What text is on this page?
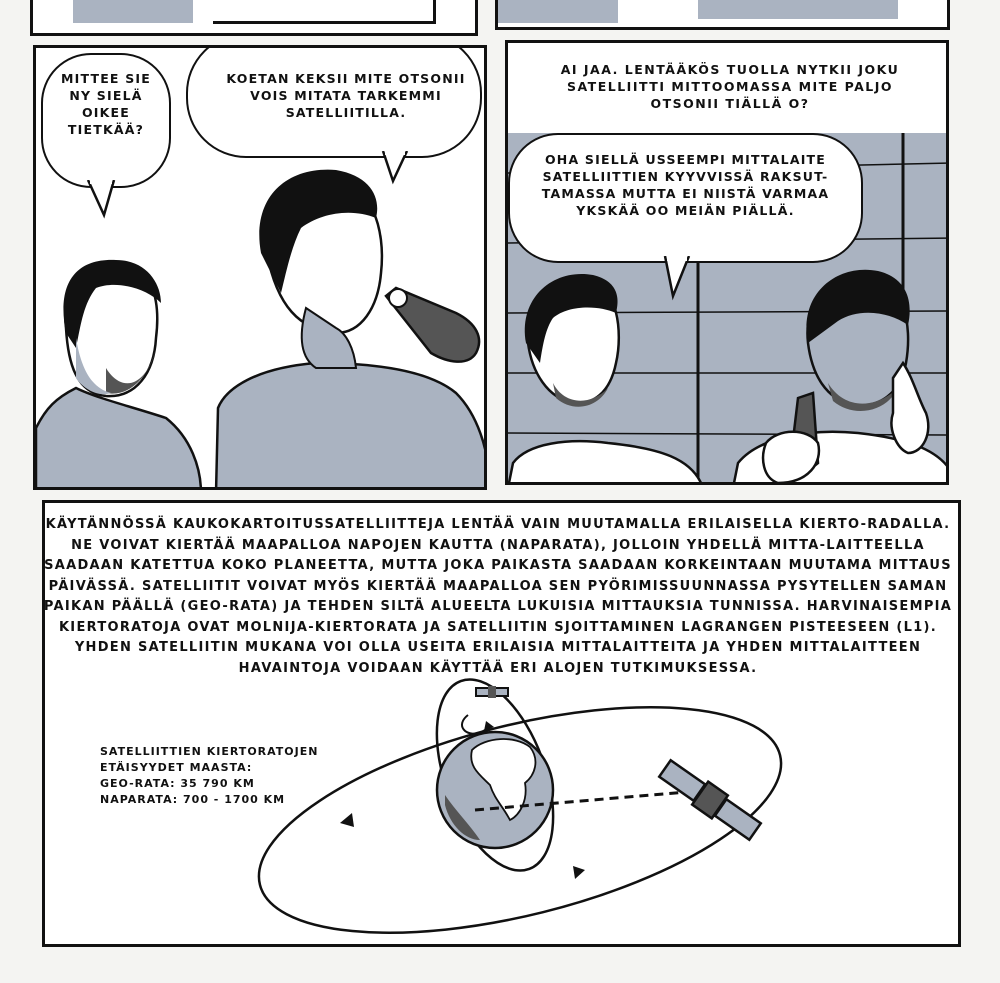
MITTEE SIE NY SIELÄ OIKEE TIETKÄÄ?
KOETAN KEKSII MITE OTSONII VOIS MITATA TARKEMMI SATELLIITILLA.
AI JAA. LENTÄÄKÖS TUOLLA NYTKII JOKU SATELLIITTI MITTOOMASSA MITE PALJO OTSONII TIÄLLÄ O?
OHA SIELLÄ USSEEMPI MITTALAITE SATELLIITTIEN KYYVVISSÄ RAKSUT-TAMASSA MUTTA EI NIISTÄ VARMAA YKSKÄÄ OO MEIÄN PIÄLLÄ.
KÄYTÄNNÖSSÄ KAUKOKARTOITUSSATELLIITTEJA LENTÄÄ VAIN MUUTAMALLA ERILAISELLA KIERTO-RADALLA. NE VOIVAT KIERTÄÄ MAAPALLOA NAPOJEN KAUTTA (NAPARATA), JOLLOIN YHDELLÄ MITTA-LAITTEELLA SAADAAN KATETTUA KOKO PLANEETTA, MUTTA JOKA PAIKASTA SAADAAN KORKEINTAAN MUUTAMA MITTAUS PÄIVÄSSÄ. SATELLIITIT VOIVAT MYÖS KIERTÄÄ MAAPALLOA SEN PYÖRIMISSUUNNASSA PYSYTELLEN SAMAN PAIKAN PÄÄLLÄ (GEO-RATA) JA TEHDEN SILTÄ ALUEELTA LUKUISIA MITTAUKSIA TUNNISSA. HARVINAISEMPIA KIERTORATOJA OVAT MOLNIJA-KIERTORATA JA SATELLIITIN SJOITTAMINEN LAGRANGEN PISTEESEEN (L1). YHDEN SATELLIITIN MUKANA VOI OLLA USEITA ERILAISIA MITTALAITTEITA JA YHDEN MITTALAITTEEN HAVAINTOJA VOIDAAN KÄYTTÄÄ ERI ALOJEN TUTKIMUKSESSA.
SATELLIITTIEN KIERTORATOJEN
ETÄISYYDET MAASTA:
GEO-RATA: 35 790 KM
NAPARATA: 700 - 1700 KM
